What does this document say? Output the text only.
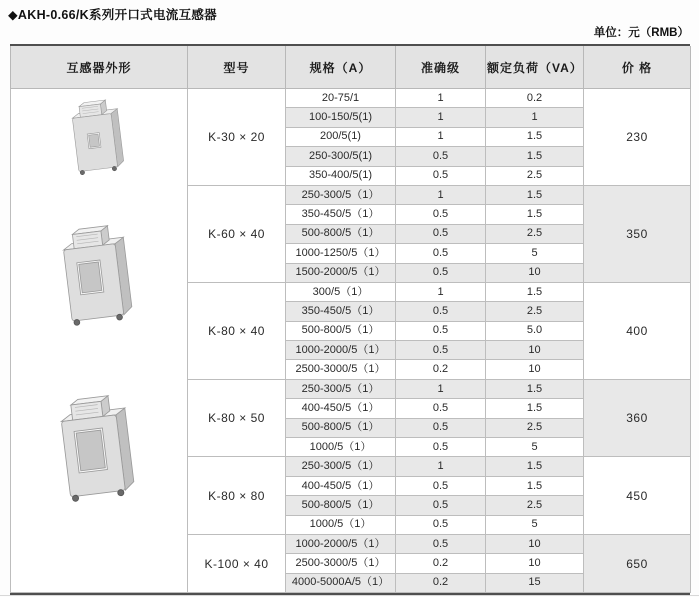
◆AKH-0.66/K系列开口式电流互感器
单位：元（RMB）
互感器外形	型号	规格（A）	准确级	额定负荷（VA）	价 格

	K-30 × 20	20-75/1	1	0.2	230
		100-150/5(1)	1	1	
		200/5(1)	1	1.5	
		250-300/5(1)	0.5	1.5	
		350-400/5(1)	0.5	2.5	
	K-60 × 40	250-300/5（1）	1	1.5	350
		350-450/5（1）	0.5	1.5	
		500-800/5（1）	0.5	2.5	
		1000-1250/5（1）	0.5	5	
		1500-2000/5（1）	0.5	10	
	K-80 × 40	300/5（1）	1	1.5	400
		350-450/5（1）	0.5	2.5	
		500-800/5（1）	0.5	5.0	
		1000-2000/5（1）	0.5	10	
		2500-3000/5（1）	0.2	10	
	K-80 × 50	250-300/5（1）	1	1.5	360
		400-450/5（1）	0.5	1.5	
		500-800/5（1）	0.5	2.5	
		1000/5（1）	0.5	5	
	K-80 × 80	250-300/5（1）	1	1.5	450
		400-450/5（1）	0.5	1.5	
		500-800/5（1）	0.5	2.5	
		1000/5（1）	0.5	5	
	K-100 × 40	1000-2000/5（1）	0.5	10	650
		2500-3000/5（1）	0.2	10	
		4000-5000A/5（1）	0.2	15	
